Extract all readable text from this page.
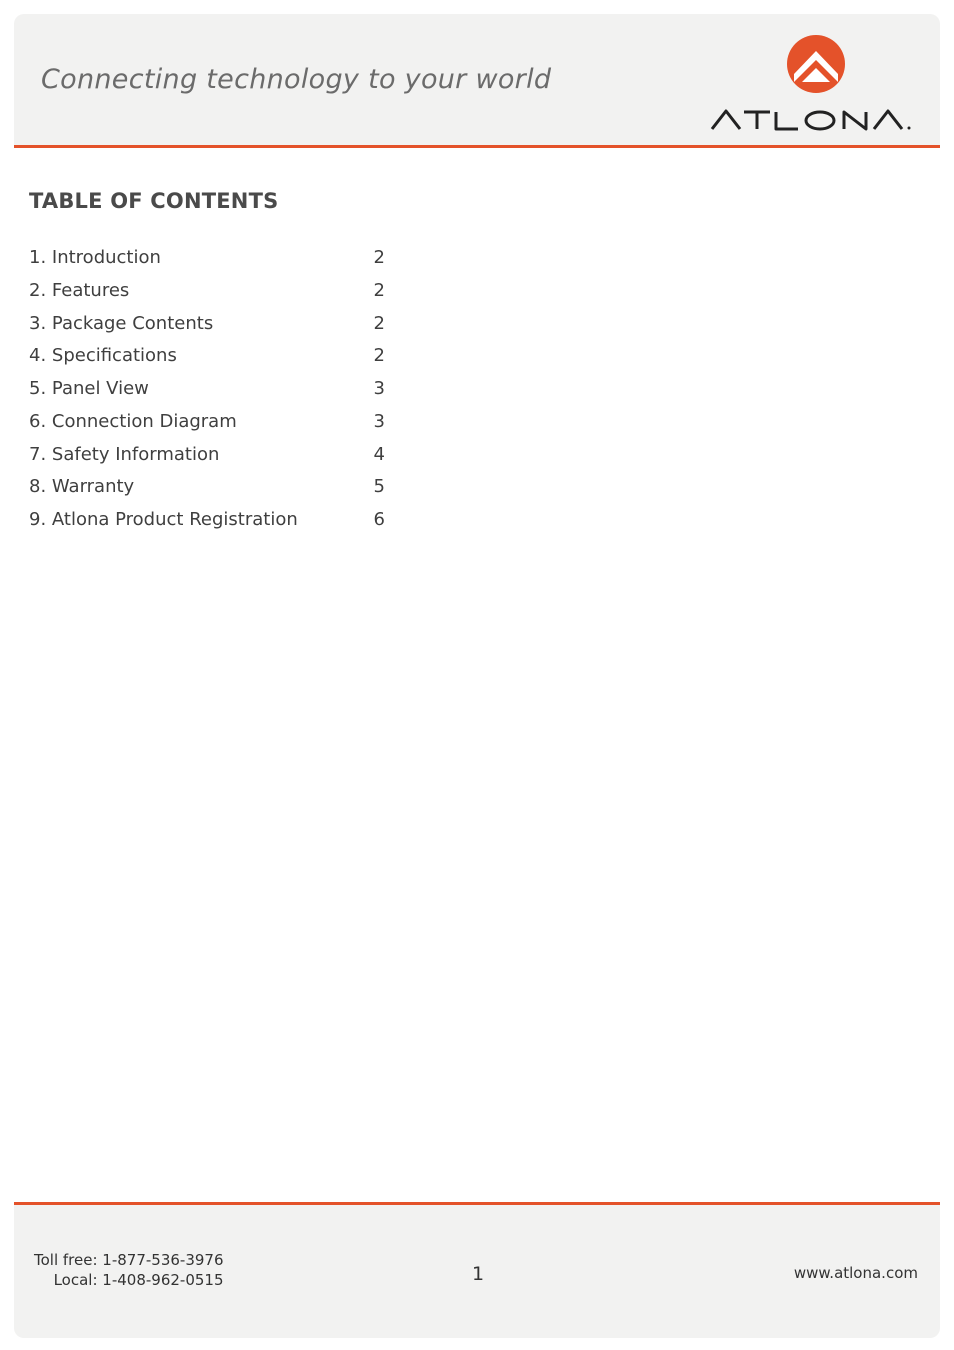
Connecting technology to your world
TABLE OF CONTENTS
1. Introduction	2
2. Features	2
3. Package Contents	2
4. Specifications	2
5. Panel View	3
6. Connection Diagram	3
7. Safety Information	4
8. Warranty	5
9. Atlona Product Registration	6
Toll free: 1-877-536-3976
Local: 1-408-962-0515	1	www.atlona.com
